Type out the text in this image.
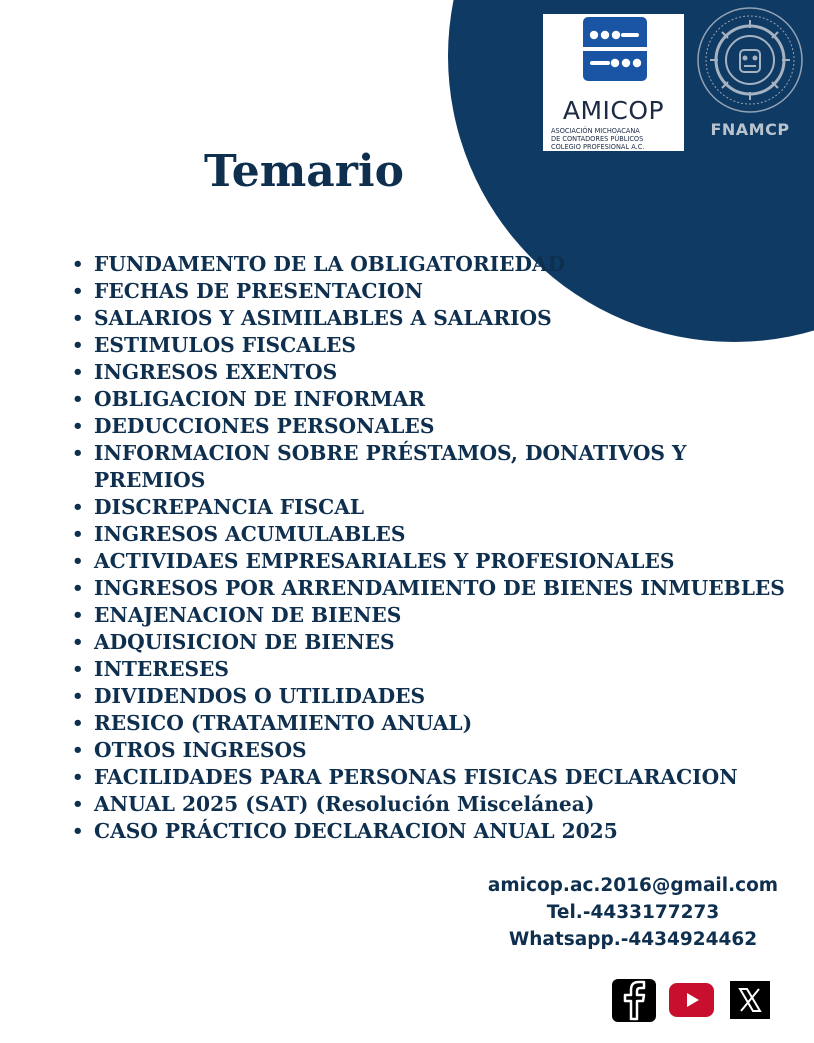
AMICOP
ASOCIACIÓN MICHOACANA
DE CONTADORES PÚBLICOS
COLEGIO PROFESIONAL A.C.
FNAMCP
Temario
• FUNDAMENTO DE LA OBLIGATORIEDAD
• FECHAS DE PRESENTACION
• SALARIOS Y ASIMILABLES A SALARIOS
• ESTIMULOS FISCALES
• INGRESOS EXENTOS
• OBLIGACION DE INFORMAR
• DEDUCCIONES PERSONALES
• INFORMACION SOBRE PRÉSTAMOS, DONATIVOS Y PREMIOS
• DISCREPANCIA FISCAL
• INGRESOS ACUMULABLES
• ACTIVIDAES EMPRESARIALES Y PROFESIONALES
• INGRESOS POR ARRENDAMIENTO DE BIENES INMUEBLES
• ENAJENACION DE BIENES
• ADQUISICION DE BIENES
• INTERESES
• DIVIDENDOS O UTILIDADES
• RESICO (TRATAMIENTO ANUAL)
• OTROS INGRESOS
• FACILIDADES PARA PERSONAS FISICAS DECLARACION
• ANUAL 2025 (SAT) (Resolución Miscelánea)
• CASO PRÁCTICO DECLARACION ANUAL 2025
amicop.ac.2016@gmail.com
Tel.-4433177273
Whatsapp.-4434924462
